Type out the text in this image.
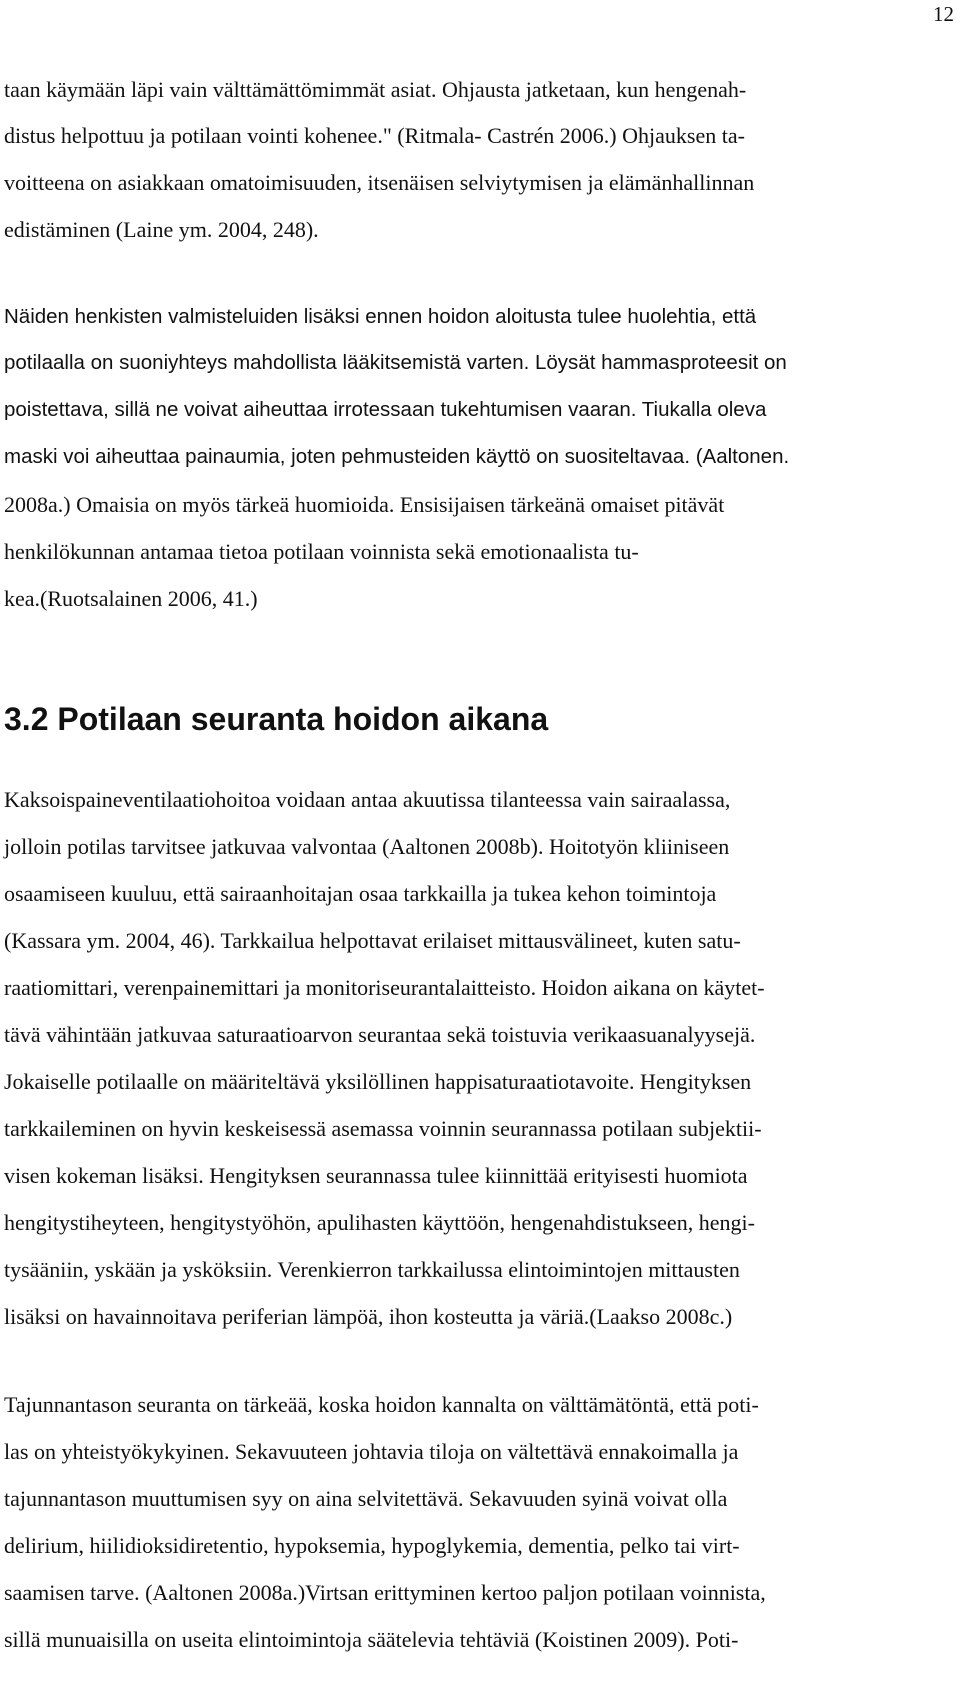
12
taan käymään läpi vain välttämättömimmät asiat. Ohjausta jatketaan, kun hengenah-
distus helpottuu ja potilaan vointi kohenee." (Ritmala- Castrén 2006.) Ohjauksen ta-
voitteena on asiakkaan omatoimisuuden, itsenäisen selviytymisen ja elämänhallinnan
edistäminen (Laine ym. 2004, 248).
Näiden henkisten valmisteluiden lisäksi ennen hoidon aloitusta tulee huolehtia, että
potilaalla on suoniyhteys mahdollista lääkitsemistä varten. Löysät hammasproteesit on
poistettava, sillä ne voivat aiheuttaa irrotessaan tukehtumisen vaaran. Tiukalla oleva
maski voi aiheuttaa painaumia, joten pehmusteiden käyttö on suositeltavaa. (Aaltonen.
2008a.) Omaisia on myös tärkeä huomioida. Ensisijaisen tärkeänä omaiset pitävät
henkilökunnan antamaa tietoa potilaan voinnista sekä emotionaalista tu-
kea.(Ruotsalainen 2006, 41.)
3.2 Potilaan seuranta hoidon aikana
Kaksoispaineventilaatiohoitoa voidaan antaa akuutissa tilanteessa vain sairaalassa,
jolloin potilas tarvitsee jatkuvaa valvontaa (Aaltonen 2008b). Hoitotyön kliiniseen
osaamiseen kuuluu, että sairaanhoitajan osaa tarkkailla ja tukea kehon toimintoja
(Kassara ym. 2004, 46). Tarkkailua helpottavat erilaiset mittausvälineet, kuten satu-
raatiomittari, verenpainemittari ja monitoriseurantalaitteisto. Hoidon aikana on käytet-
tävä vähintään jatkuvaa saturaatioarvon seurantaa sekä toistuvia verikaasuanalyysejä.
Jokaiselle potilaalle on määriteltävä yksilöllinen happisaturaatiotavoite. Hengityksen
tarkkaileminen on hyvin keskeisessä asemassa voinnin seurannassa potilaan subjektii-
visen kokeman lisäksi. Hengityksen seurannassa tulee kiinnittää erityisesti huomiota
hengitystiheyteen, hengitystyöhön, apulihasten käyttöön, hengenahdistukseen, hengi-
tysääniin, yskään ja ysköksiin. Verenkierron tarkkailussa elintoimintojen mittausten
lisäksi on havainnoitava periferian lämpöä, ihon kosteutta ja väriä.(Laakso 2008c.)
Tajunnantason seuranta on tärkeää, koska hoidon kannalta on välttämätöntä, että poti-
las on yhteistyökykyinen. Sekavuuteen johtavia tiloja on vältettävä ennakoimalla ja
tajunnantason muuttumisen syy on aina selvitettävä. Sekavuuden syinä voivat olla
delirium, hiilidioksidiretentio, hypoksemia, hypoglykemia, dementia, pelko tai virt-
saamisen tarve. (Aaltonen 2008a.)Virtsan erittyminen kertoo paljon potilaan voinnista,
sillä munuaisilla on useita elintoimintoja säätelevia tehtäviä (Koistinen 2009). Poti-
